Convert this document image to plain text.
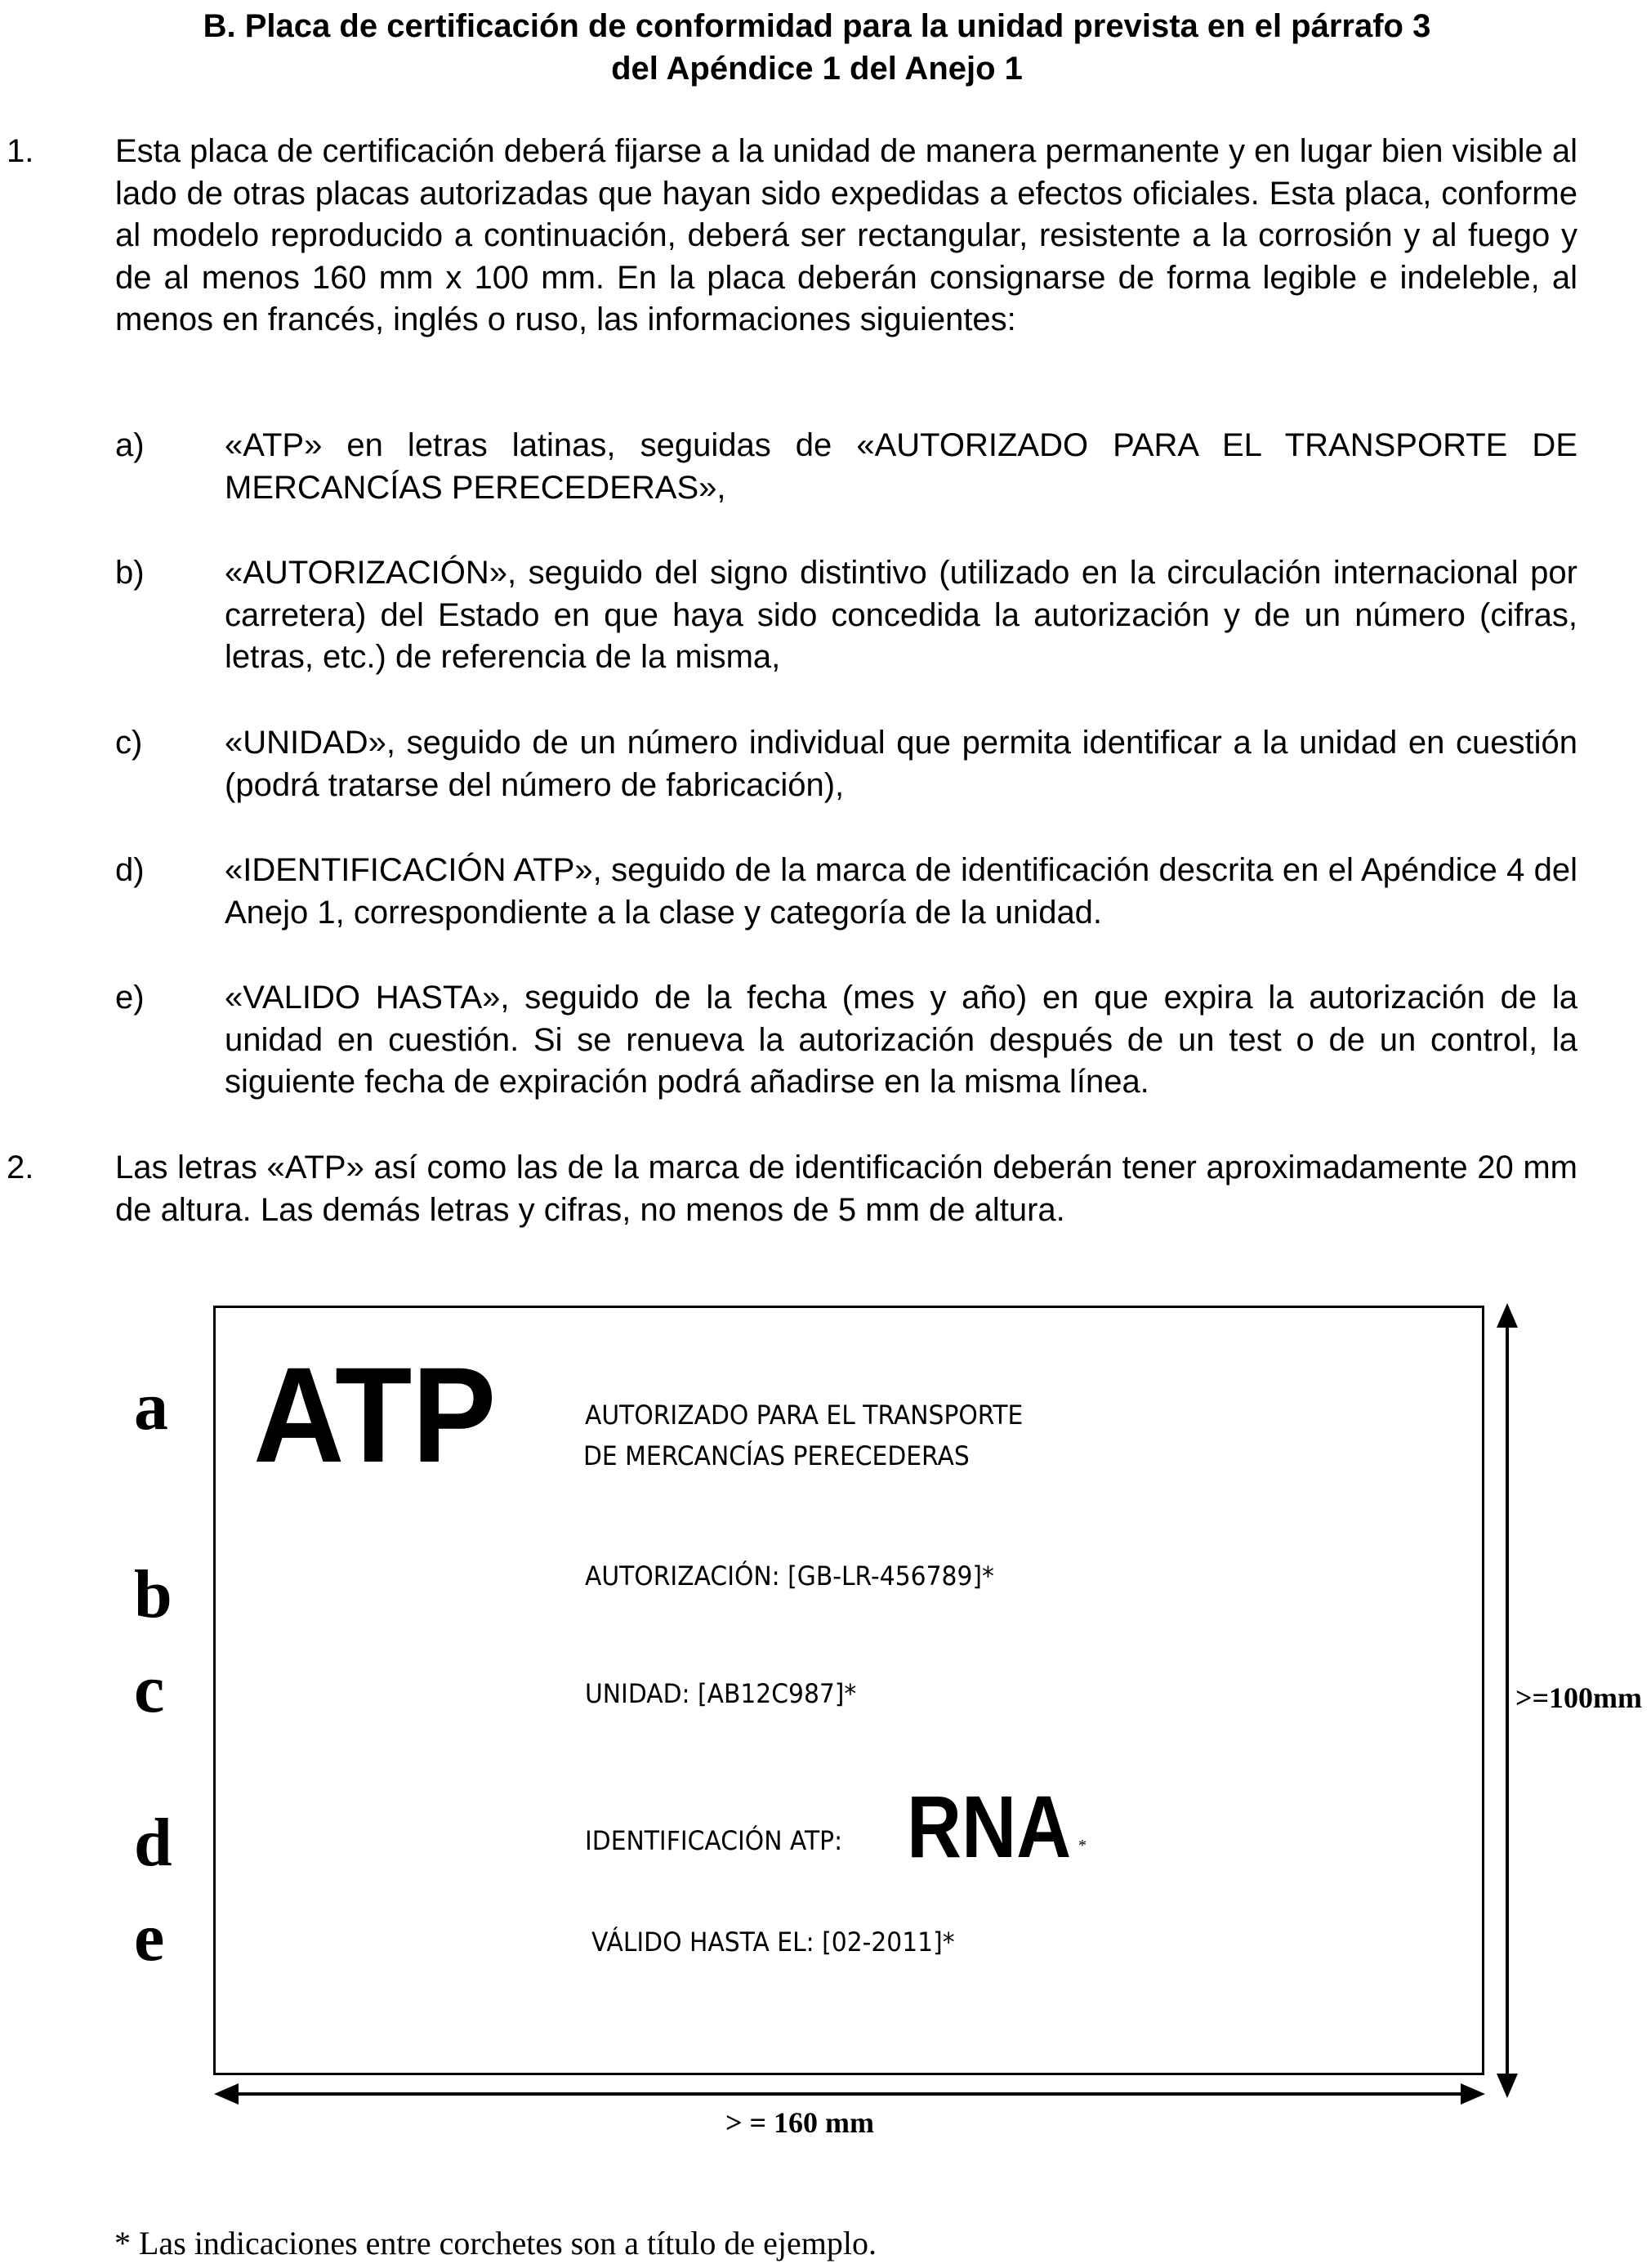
B. Placa de certificación de conformidad para la unidad prevista en el párrafo 3
del Apéndice 1 del Anejo 1
1. Esta placa de certificación deberá fijarse a la unidad de manera permanente y en lugar bien visible al lado de otras placas autorizadas que hayan sido expedidas a efectos oficiales. Esta placa, conforme al modelo reproducido a continuación, deberá ser rectangular, resistente a la corrosión y al fuego y de al menos 160 mm x 100 mm. En la placa deberán consignarse de forma legible e indeleble, al menos en francés, inglés o ruso, las informaciones siguientes:
a) «ATP» en letras latinas, seguidas de «AUTORIZADO PARA EL TRANSPORTE DE MERCANCÍAS PERECEDERAS»,
b) «AUTORIZACIÓN», seguido del signo distintivo (utilizado en la circulación internacional por carretera) del Estado en que haya sido concedida la autorización y de un número (cifras, letras, etc.) de referencia de la misma,
c)	«UNIDAD», seguido de un número individual que permita identificar a la unidad en cuestión (podrá tratarse del número de fabricación),
d) «IDENTIFICACIÓN ATP», seguido de la marca de identificación descrita en el Apéndice 4 del Anejo 1, correspondiente a la clase y categoría de la unidad.
e) «VALIDO HASTA», seguido de la fecha (mes y año) en que expira la autorización de la unidad en cuestión. Si se renueva la autorización después de un test o de un control, la siguiente fecha de expiración podrá añadirse en la misma línea.
2. Las letras «ATP» así como las de la marca de identificación deberán tener aproximadamente 20 mm de altura. Las demás letras y cifras, no menos de 5 mm de altura.
a
b
c
d
e
ATP	AUTORIZADO PARA EL TRANSPORTE
DE MERCANCÍAS PERECEDERAS
AUTORIZACIÓN: [GB-LR-456789]*
UNIDAD: [AB12C987]*
IDENTIFICACIÓN ATP: RNA *
VÁLIDO HASTA EL: [02-2011]*
>=100mm
> = 160 mm
* Las indicaciones entre corchetes son a título de ejemplo.
